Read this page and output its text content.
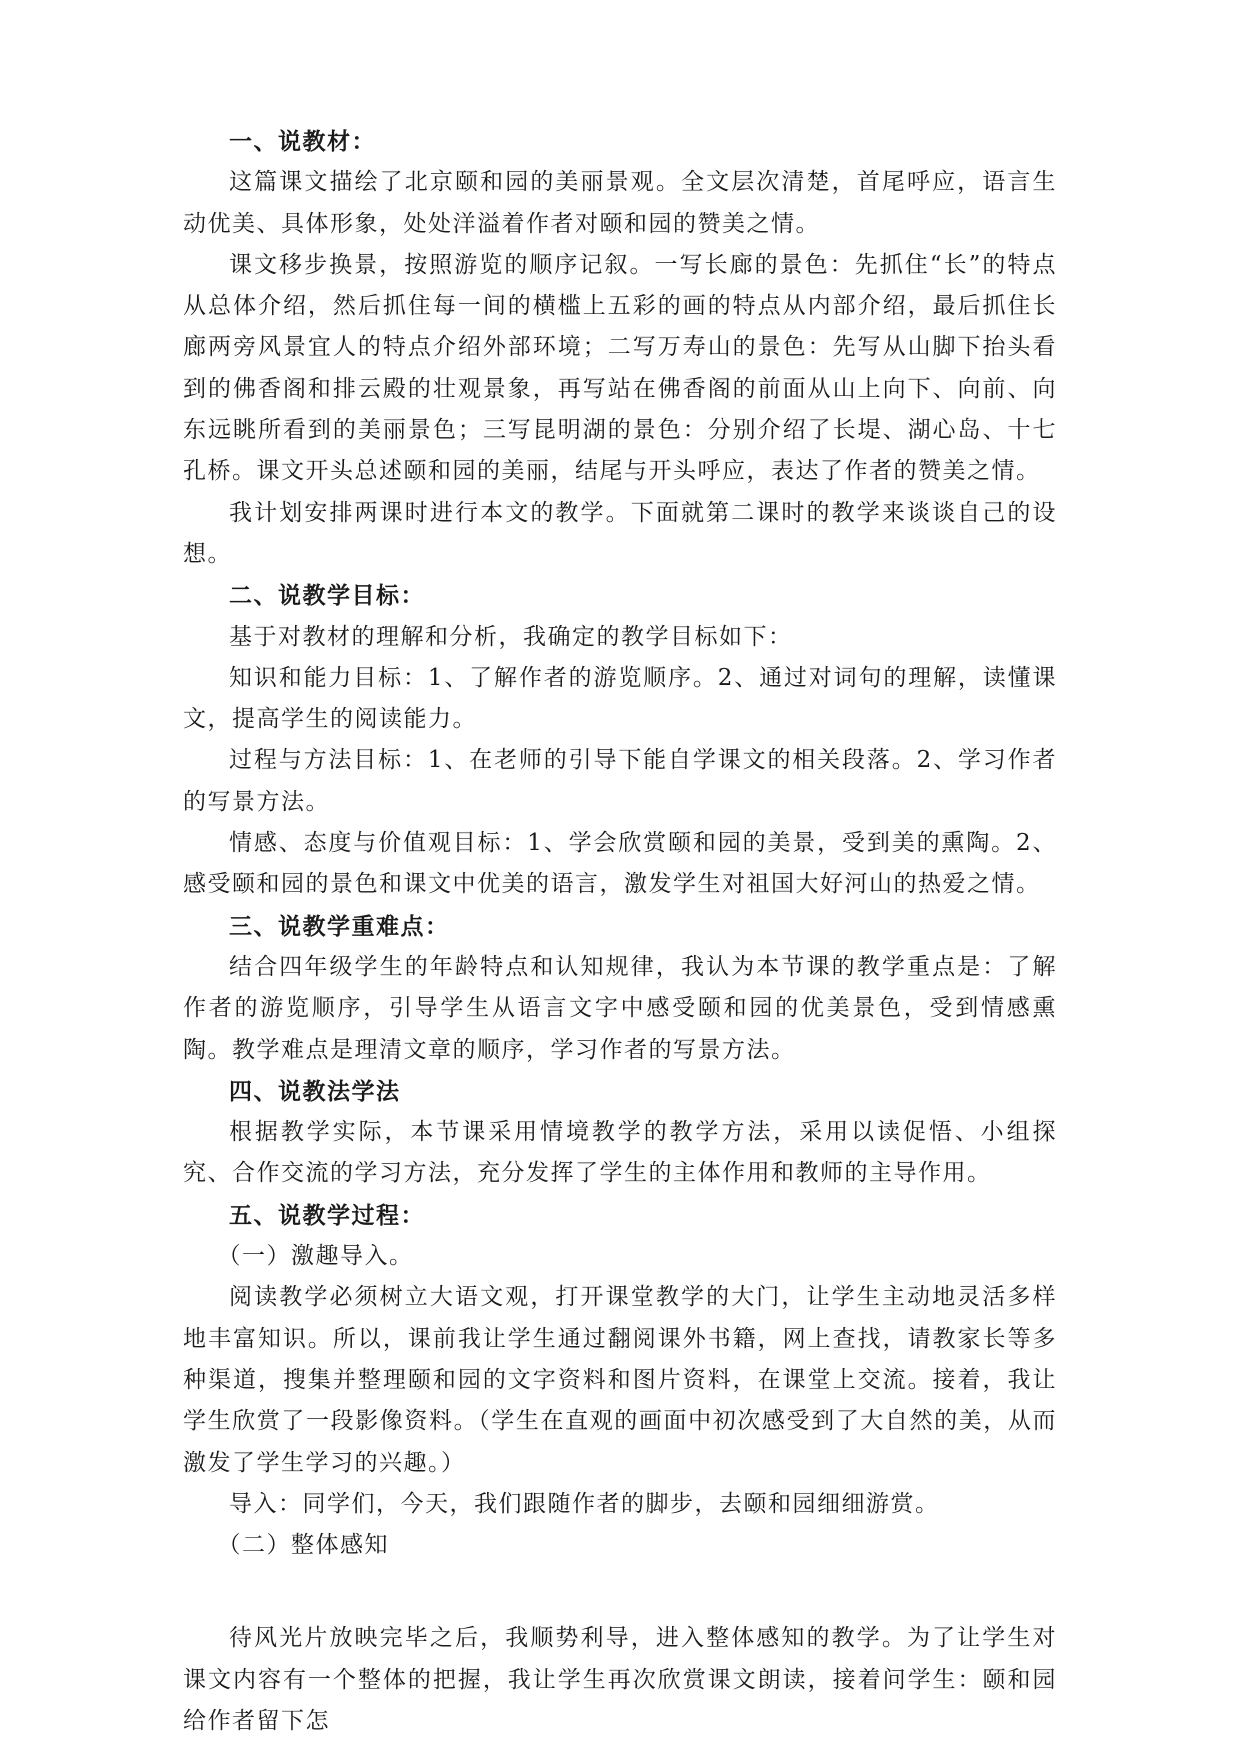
一、说教材：

这篇课文描绘了北京颐和园的美丽景观。全文层次清楚，首尾呼应，语言生动优美、具体形象，处处洋溢着作者对颐和园的赞美之情。

课文移步换景，按照游览的顺序记叙。一写长廊的景色：先抓住“长”的特点从总体介绍，然后抓住每一间的横槛上五彩的画的特点从内部介绍，最后抓住长廊两旁风景宜人的特点介绍外部环境；二写万寿山的景色：先写从山脚下抬头看到的佛香阁和排云殿的壮观景象，再写站在佛香阁的前面从山上向下、向前、向东远眺所看到的美丽景色；三写昆明湖的景色：分别介绍了长堤、湖心岛、十七孔桥。课文开头总述颐和园的美丽，结尾与开头呼应，表达了作者的赞美之情。

我计划安排两课时进行本文的教学。下面就第二课时的教学来谈谈自己的设想。

二、说教学目标：

基于对教材的理解和分析，我确定的教学目标如下：

知识和能力目标：1、了解作者的游览顺序。2、通过对词句的理解，读懂课文，提高学生的阅读能力。

过程与方法目标：1、在老师的引导下能自学课文的相关段落。2、学习作者的写景方法。

情感、态度与价值观目标：1、学会欣赏颐和园的美景，受到美的熏陶。2、感受颐和园的景色和课文中优美的语言，激发学生对祖国大好河山的热爱之情。

三、说教学重难点：

结合四年级学生的年龄特点和认知规律，我认为本节课的教学重点是：了解作者的游览顺序，引导学生从语言文字中感受颐和园的优美景色，受到情感熏陶。教学难点是理清文章的顺序，学习作者的写景方法。

四、说教法学法

根据教学实际，本节课采用情境教学的教学方法，采用以读促悟、小组探究、合作交流的学习方法，充分发挥了学生的主体作用和教师的主导作用。

五、说教学过程：

（一）激趣导入。

阅读教学必须树立大语文观，打开课堂教学的大门，让学生主动地灵活多样地丰富知识。所以，课前我让学生通过翻阅课外书籍，网上查找，请教家长等多种渠道，搜集并整理颐和园的文字资料和图片资料，在课堂上交流。接着，我让学生欣赏了一段影像资料。（学生在直观的画面中初次感受到了大自然的美，从而激发了学生学习的兴趣。）

导入：同学们，今天，我们跟随作者的脚步，去颐和园细细游赏。

（二）整体感知

待风光片放映完毕之后，我顺势利导，进入整体感知的教学。为了让学生对课文内容有一个整体的把握，我让学生再次欣赏课文朗读，接着问学生：颐和园给作者留下怎
